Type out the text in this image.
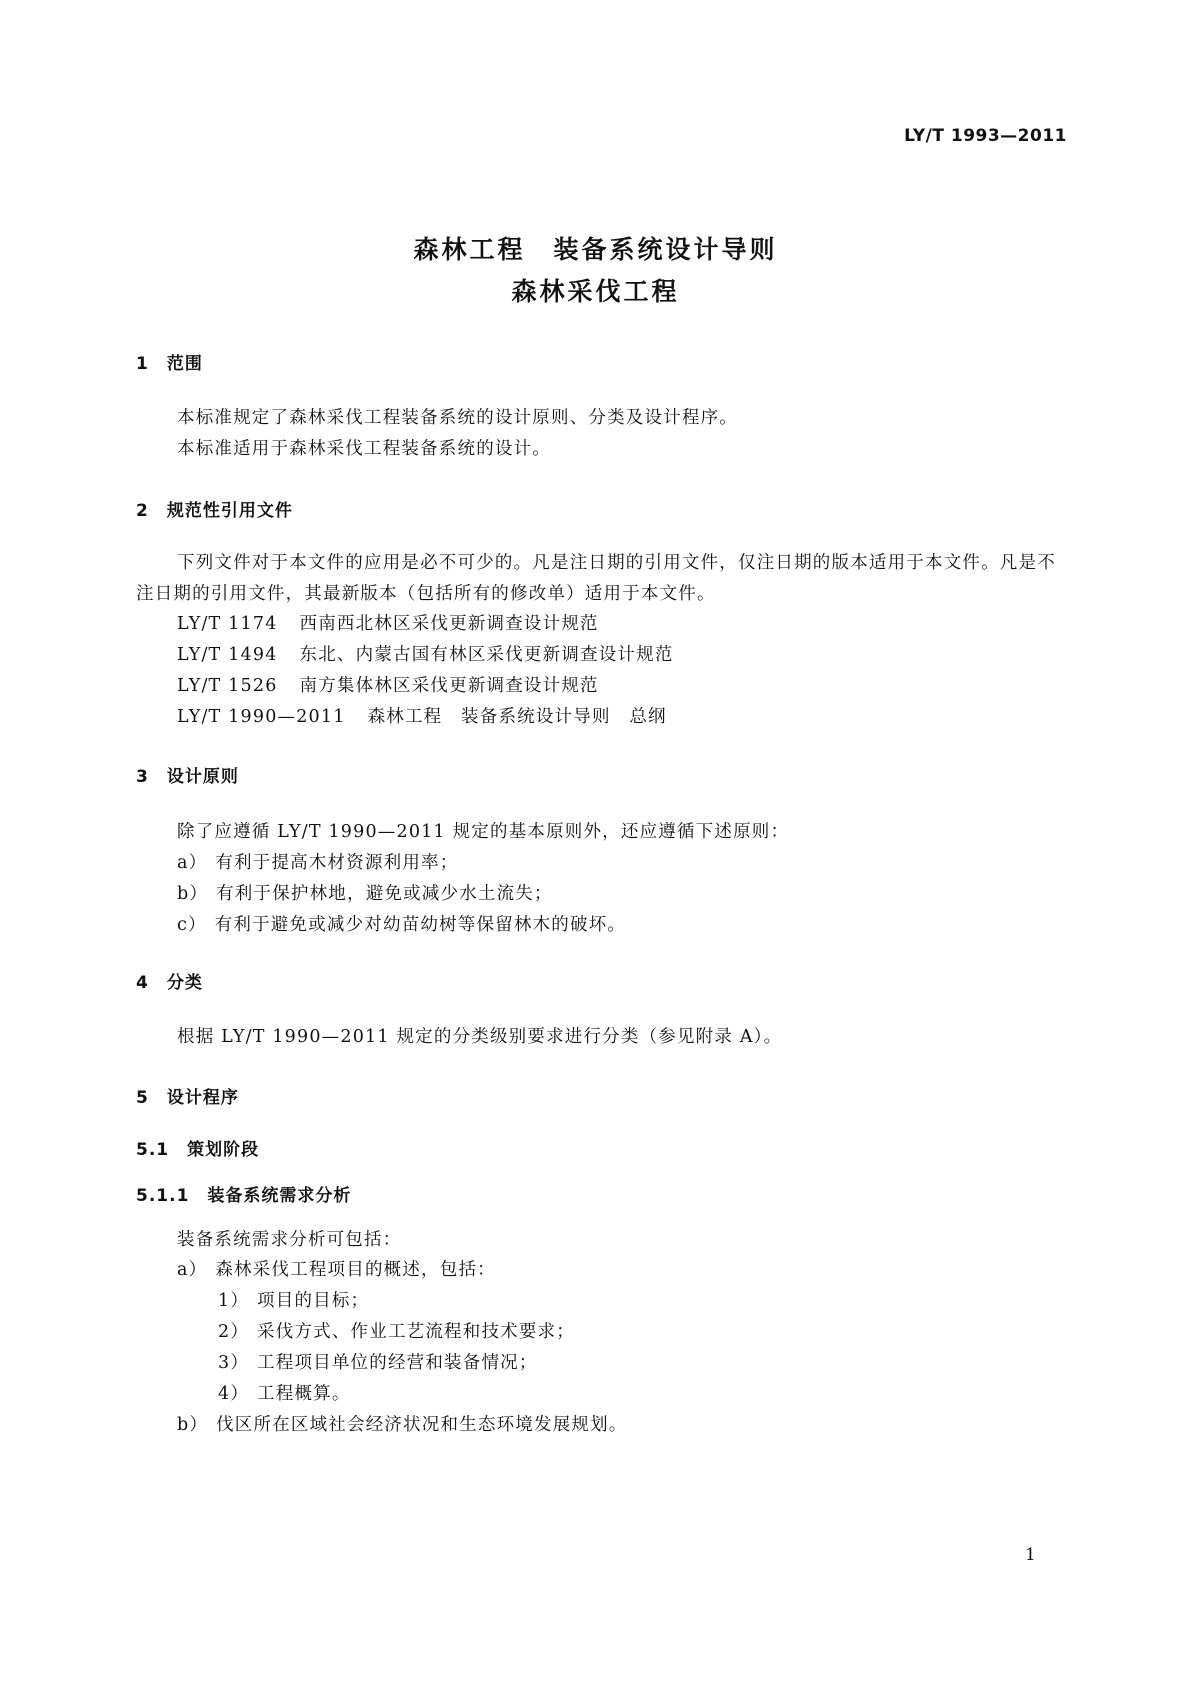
LY/T 1993—2011
森林工程　装备系统设计导则
森林采伐工程
1 范围
本标准规定了森林采伐工程装备系统的设计原则、分类及设计程序。
本标准适用于森林采伐工程装备系统的设计。
2 规范性引用文件
下列文件对于本文件的应用是必不可少的。凡是注日期的引用文件，仅注日期的版本适用于本文件。凡是不注日期的引用文件，其最新版本（包括所有的修改单）适用于本文件。
LY/T 1174 西南西北林区采伐更新调查设计规范
LY/T 1494 东北、内蒙古国有林区采伐更新调查设计规范
LY/T 1526 南方集体林区采伐更新调查设计规范
LY/T 1990—2011 森林工程　装备系统设计导则　总纲
3 设计原则
除了应遵循 LY/T 1990—2011 规定的基本原则外，还应遵循下述原则：
a） 有利于提高木材资源利用率；
b） 有利于保护林地，避免或减少水土流失；
c） 有利于避免或减少对幼苗幼树等保留林木的破坏。
4 分类
根据 LY/T 1990—2011 规定的分类级别要求进行分类（参见附录 A）。
5 设计程序
5.1 策划阶段
5.1.1 装备系统需求分析
装备系统需求分析可包括：
a） 森林采伐工程项目的概述，包括：
1） 项目的目标；
2） 采伐方式、作业工艺流程和技术要求；
3） 工程项目单位的经营和装备情况；
4） 工程概算。
b） 伐区所在区域社会经济状况和生态环境发展规划。
1
